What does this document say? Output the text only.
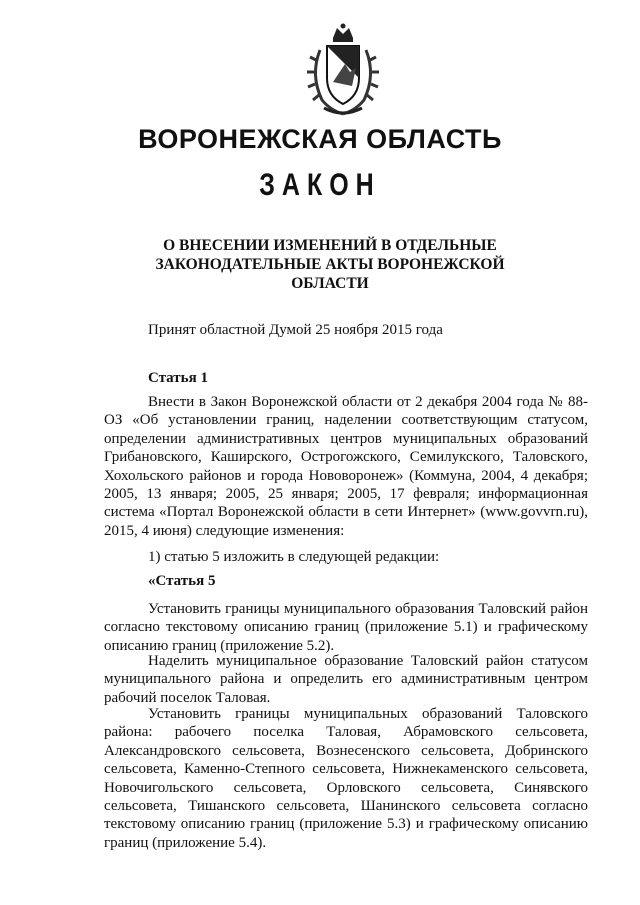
ВОРОНЕЖСКАЯ ОБЛАСТЬ
ЗАКОН
О ВНЕСЕНИИ ИЗМЕНЕНИЙ В ОТДЕЛЬНЫЕ ЗАКОНОДАТЕЛЬНЫЕ АКТЫ ВОРОНЕЖСКОЙ ОБЛАСТИ
Принят областной Думой 25 ноября 2015 года
Статья 1
Внести в Закон Воронежской области от 2 декабря 2004 года № 88-ОЗ «Об установлении границ, наделении соответствующим статусом, определении административных центров муниципальных образований Грибановского, Каширского, Острогожского, Семилукского, Таловского, Хохольского районов и города Нововоронеж» (Коммуна, 2004, 4 декабря; 2005, 13 января; 2005, 25 января; 2005, 17 февраля; информационная система «Портал Воронежской области в сети Интернет» (www.govvrn.ru), 2015, 4 июня) следующие изменения:
1) статью 5 изложить в следующей редакции:
«Статья 5
Установить границы муниципального образования Таловский район согласно текстовому описанию границ (приложение 5.1) и графическому описанию границ (приложение 5.2).
Наделить муниципальное образование Таловский район статусом муниципального района и определить его административным центром рабочий поселок Таловая.
Установить границы муниципальных образований Таловского района: рабочего поселка Таловая, Абрамовского сельсовета, Александровского сельсовета, Вознесенского сельсовета, Добринского сельсовета, Каменно-Степного сельсовета, Нижнекаменского сельсовета, Новочигольского сельсовета, Орловского сельсовета, Синявского сельсовета, Тишанского сельсовета, Шанинского сельсовета согласно текстовому описанию границ (приложение 5.3) и графическому описанию границ (приложение 5.4).
